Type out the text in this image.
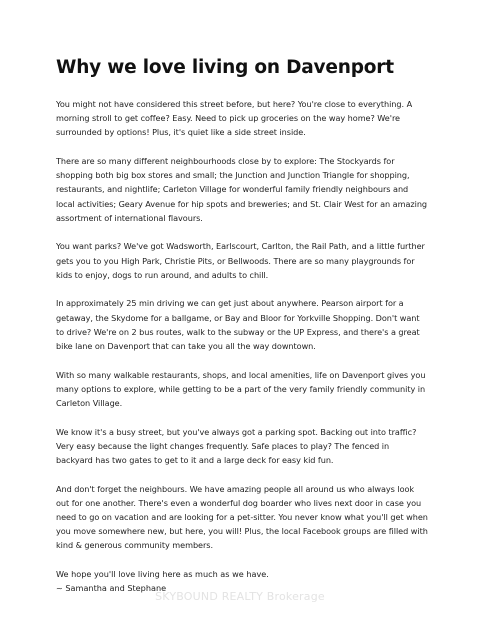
Why we love living on Davenport

You might not have considered this street before, but here? You're close to everything. A morning stroll to get coffee? Easy. Need to pick up groceries on the way home? We're surrounded by options! Plus, it's quiet like a side street inside.

There are so many different neighbourhoods close by to explore: The Stockyards for shopping both big box stores and small; the Junction and Junction Triangle for shopping, restaurants, and nightlife; Carleton Village for wonderful family friendly neighbours and local activities; Geary Avenue for hip spots and breweries; and St. Clair West for an amazing assortment of international flavours.

You want parks? We've got Wadsworth, Earlscourt, Carlton, the Rail Path, and a little further gets you to you High Park, Christie Pits, or Bellwoods. There are so many playgrounds for kids to enjoy, dogs to run around, and adults to chill.

In approximately 25 min driving we can get just about anywhere. Pearson airport for a getaway, the Skydome for a ballgame, or Bay and Bloor for Yorkville Shopping. Don't want to drive? We're on 2 bus routes, walk to the subway or the UP Express, and there's a great bike lane on Davenport that can take you all the way downtown.

With so many walkable restaurants, shops, and local amenities, life on Davenport gives you many options to explore, while getting to be a part of the very family friendly community in Carleton Village.

We know it's a busy street, but you've always got a parking spot. Backing out into traffic? Very easy because the light changes frequently. Safe places to play? The fenced in backyard has two gates to get to it and a large deck for easy kid fun.

And don't forget the neighbours. We have amazing people all around us who always look out for one another. There's even a wonderful dog boarder who lives next door in case you need to go on vacation and are looking for a pet-sitter. You never know what you'll get when you move somewhere new, but here, you will! Plus, the local Facebook groups are filled with kind & generous community members.

We hope you'll love living here as much as we have.
~ Samantha and Stephane

SKYBOUND REALTY Brokerage
